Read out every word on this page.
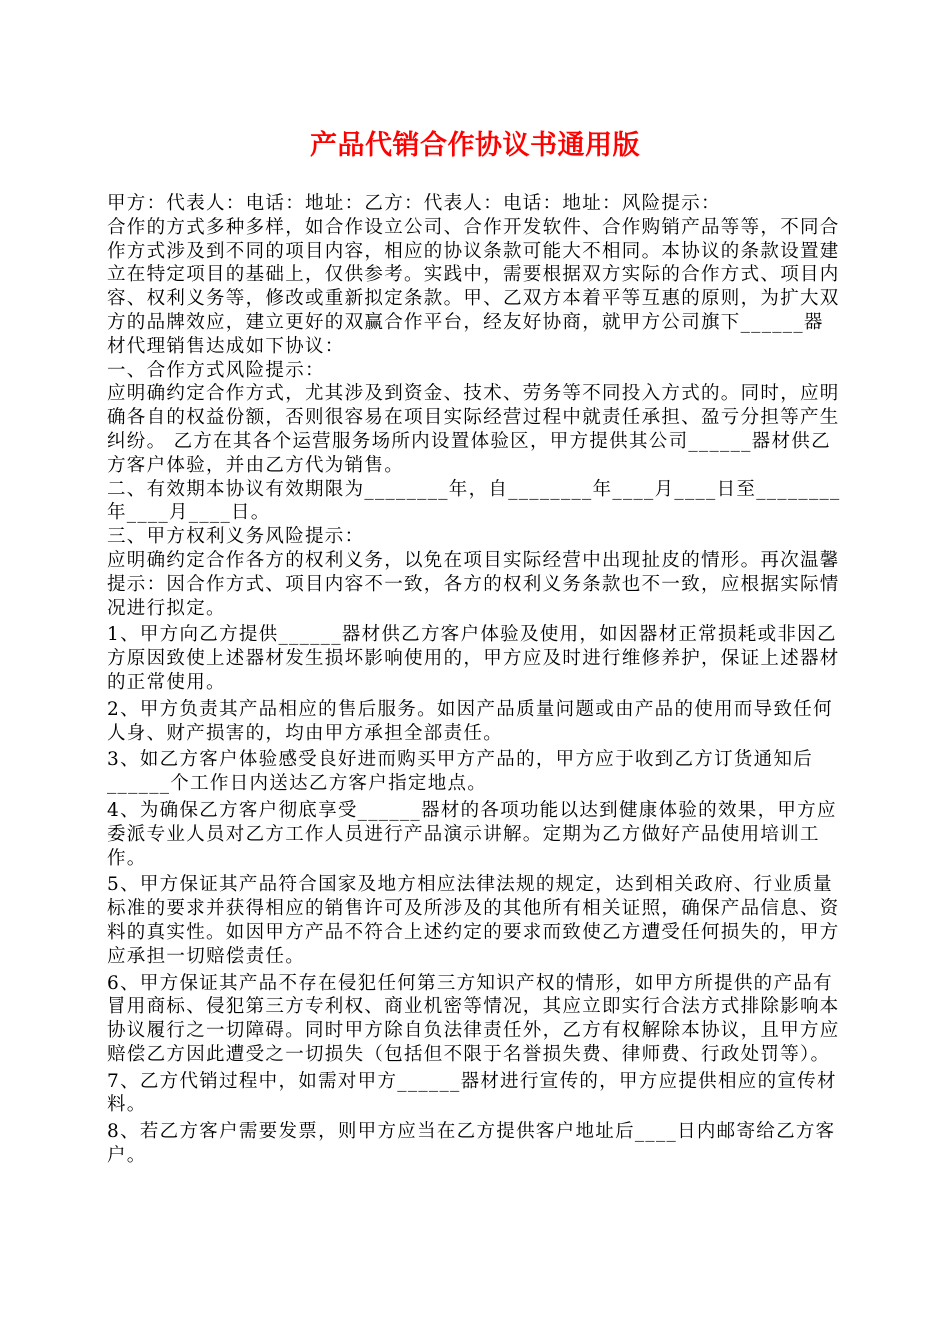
产品代销合作协议书通用版

甲方：代表人：电话：地址：乙方：代表人：电话：地址：风险提示：

合作的方式多种多样，如合作设立公司、合作开发软件、合作购销产品等等，不同合作方式涉及到不同的项目内容，相应的协议条款可能大不相同。本协议的条款设置建立在特定项目的基础上，仅供参考。实践中，需要根据双方实际的合作方式、项目内容、权利义务等，修改或重新拟定条款。甲、乙双方本着平等互惠的原则，为扩大双方的品牌效应，建立更好的双赢合作平台，经友好协商，就甲方公司旗下______器材代理销售达成如下协议：

一、合作方式风险提示：

应明确约定合作方式，尤其涉及到资金、技术、劳务等不同投入方式的。同时，应明确各自的权益份额，否则很容易在项目实际经营过程中就责任承担、盈亏分担等产生纠纷。 乙方在其各个运营服务场所内设置体验区，甲方提供其公司______器材供乙方客户体验，并由乙方代为销售。

二、有效期本协议有效期限为________年，自________年____月____日至________年____月____日。

三、甲方权利义务风险提示：

应明确约定合作各方的权利义务，以免在项目实际经营中出现扯皮的情形。再次温馨提示：因合作方式、项目内容不一致，各方的权利义务条款也不一致，应根据实际情况进行拟定。

1、甲方向乙方提供______器材供乙方客户体验及使用，如因器材正常损耗或非因乙方原因致使上述器材发生损坏影响使用的，甲方应及时进行维修养护，保证上述器材的正常使用。

2、甲方负责其产品相应的售后服务。如因产品质量问题或由产品的使用而导致任何人身、财产损害的，均由甲方承担全部责任。

3、如乙方客户体验感受良好进而购买甲方产品的，甲方应于收到乙方订货通知后______个工作日内送达乙方客户指定地点。

4、为确保乙方客户彻底享受______器材的各项功能以达到健康体验的效果，甲方应委派专业人员对乙方工作人员进行产品演示讲解。定期为乙方做好产品使用培训工作。

5、甲方保证其产品符合国家及地方相应法律法规的规定，达到相关政府、行业质量标准的要求并获得相应的销售许可及所涉及的其他所有相关证照，确保产品信息、资料的真实性。如因甲方产品不符合上述约定的要求而致使乙方遭受任何损失的，甲方应承担一切赔偿责任。

6、甲方保证其产品不存在侵犯任何第三方知识产权的情形，如甲方所提供的产品有冒用商标、侵犯第三方专利权、商业机密等情况，其应立即实行合法方式排除影响本协议履行之一切障碍。同时甲方除自负法律责任外，乙方有权解除本协议，且甲方应赔偿乙方因此遭受之一切损失（包括但不限于名誉损失费、律师费、行政处罚等）。

7、乙方代销过程中，如需对甲方______器材进行宣传的，甲方应提供相应的宣传材料。

8、若乙方客户需要发票，则甲方应当在乙方提供客户地址后____日内邮寄给乙方客户。
